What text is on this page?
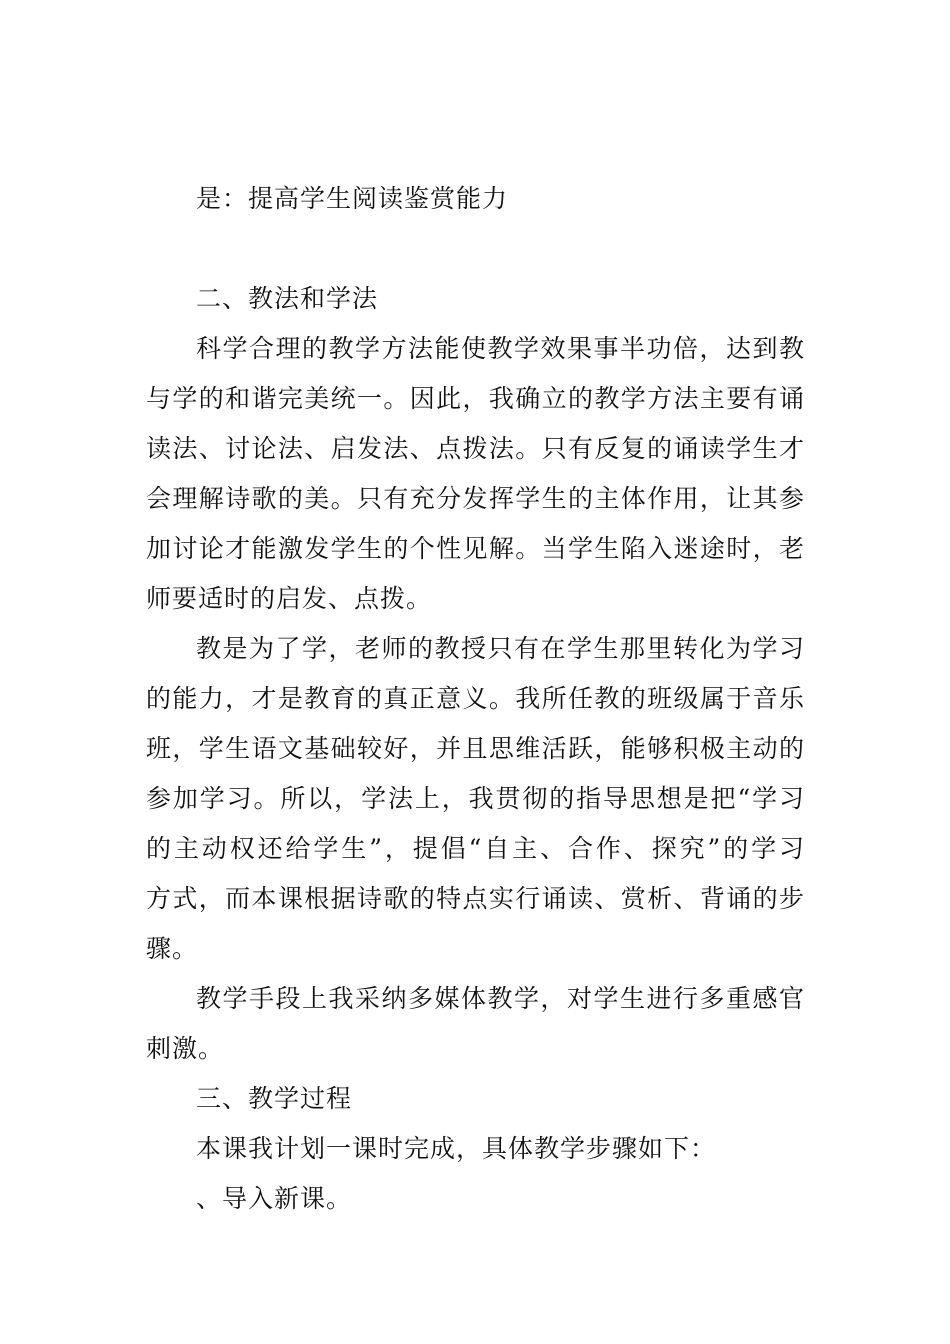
是：提高学生阅读鉴赏能力
二、教法和学法
科学合理的教学方法能使教学效果事半功倍，达到教
与学的和谐完美统一。因此，我确立的教学方法主要有诵
读法、讨论法、启发法、点拨法。只有反复的诵读学生才
会理解诗歌的美。只有充分发挥学生的主体作用，让其参
加讨论才能激发学生的个性见解。当学生陷入迷途时，老
师要适时的启发、点拨。
教是为了学，老师的教授只有在学生那里转化为学习
的能力，才是教育的真正意义。我所任教的班级属于音乐
班，学生语文基础较好，并且思维活跃，能够积极主动的
参加学习。所以，学法上，我贯彻的指导思想是把“学习
的主动权还给学生”，提倡“自主、合作、探究”的学习
方式，而本课根据诗歌的特点实行诵读、赏析、背诵的步
骤。
教学手段上我采纳多媒体教学，对学生进行多重感官
刺激。
三、教学过程
本课我计划一课时完成，具体教学步骤如下：
、导入新课。
